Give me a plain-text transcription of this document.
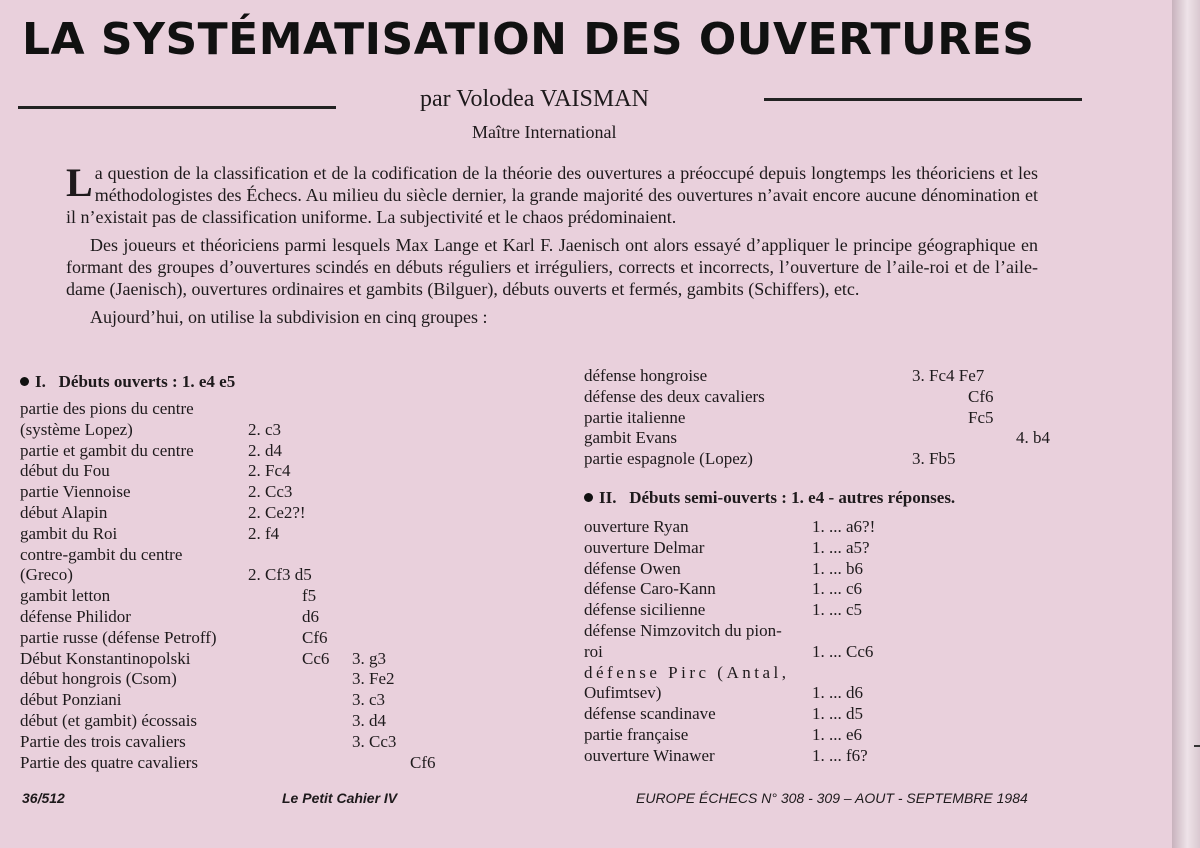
LA SYSTÉMATISATION DES OUVERTURES
par Volodea VAISMAN
Maître International

La question de la classification et de la codification de la théorie des ouvertures a préoccupé depuis longtemps les théoriciens et les méthodologistes des Échecs. Au milieu du siècle dernier, la grande majorité des ouvertures n’avait encore aucune dénomination et il n’existait pas de classification uniforme. La subjectivité et le chaos prédominaient.

Des joueurs et théoriciens parmi lesquels Max Lange et Karl F. Jaenisch ont alors essayé d’appliquer le principe géographique en formant des groupes d’ouvertures scindés en débuts réguliers et irréguliers, corrects et incorrects, l’ouverture de l’aile-roi et de l’aile-dame (Jaenisch), ouvertures ordinaires et gambits (Bilguer), débuts ouverts et fermés, gambits (Schiffers), etc.

Aujourd’hui, on utilise la subdivision en cinq groupes :

I.   Débuts ouverts : 1. e4 e5
partie des pions du centre
(système Lopez)	2. c3
partie et gambit du centre	2. d4
début du Fou	2. Fc4
partie Viennoise	2. Cc3
début Alapin	2. Ce2?!
gambit du Roi	2. f4
contre-gambit du centre
(Greco)	2. Cf3 d5
gambit letton	f5
défense Philidor	d6
partie russe (défense Petroff)	Cf6
Début Konstantinopolski	Cc6 3. g3
début hongrois (Csom)	3. Fe2
début Ponziani	3. c3
début (et gambit) écossais	3. d4
Partie des trois cavaliers	3. Cc3
Partie des quatre cavaliers	Cf6
défense hongroise	3. Fc4 Fe7
défense des deux cavaliers	Cf6
partie italienne	Fc5
gambit Evans	4. b4
partie espagnole (Lopez)	3. Fb5
II.   Débuts semi-ouverts : 1. e4 - autres réponses.
ouverture Ryan	1. ... a6?!
ouverture Delmar	1. ... a5?
défense Owen	1. ... b6
défense Caro-Kann	1. ... c6
défense sicilienne	1. ... c5
défense Nimzovitch du pion-
roi	1. ... Cc6
défense Pirc (Antal,
Oufimtsev)	1. ... d6
défense scandinave	1. ... d5
partie française	1. ... e6
ouverture Winawer	1. ... f6?
36/512	Le Petit Cahier IV	EUROPE ÉCHECS N° 308 - 309 – AOUT - SEPTEMBRE 1984
